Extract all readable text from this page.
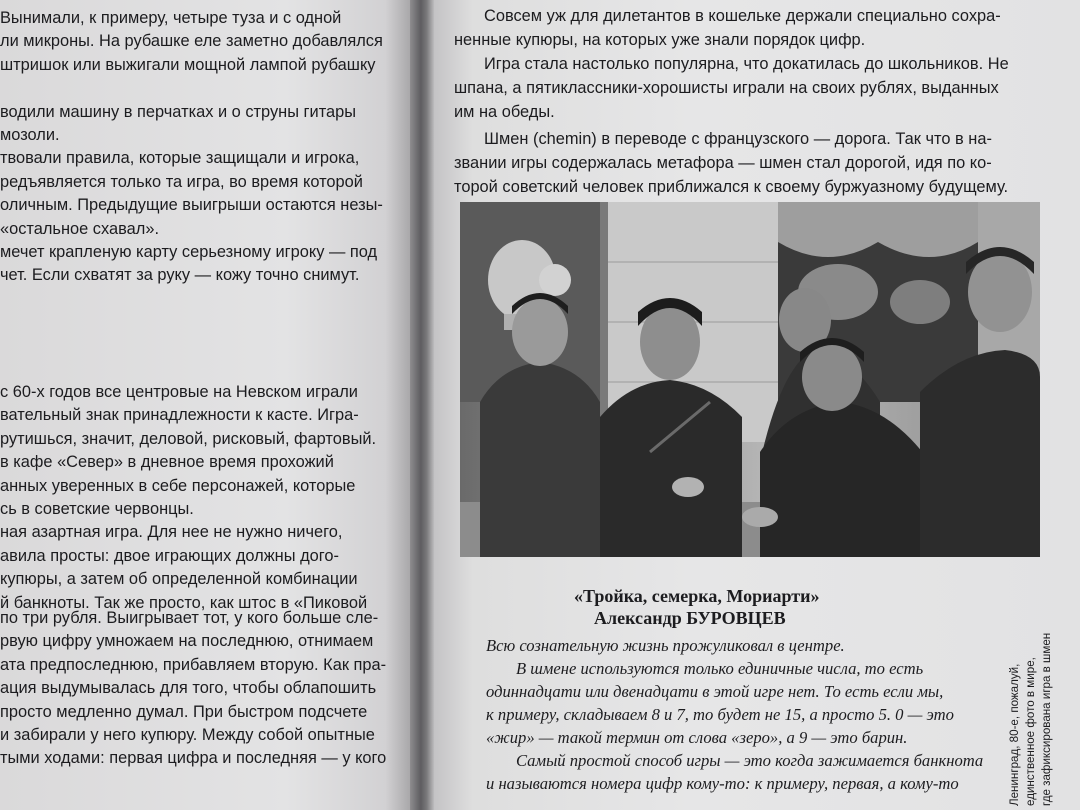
Вынимали, к примеру, четыре туза и с одной

ли микроны. На рубашке еле заметно добавлялся

штришок или выжигали мощной лампой рубашку

водили машину в перчатках и о струны гитары

мозоли.

твовали правила, которые защищали и игрока,

редъявляется только та игра, во время которой

оличным. Предыдущие выигрыши остаются незы-

«остальное схавал».

мечет крапленую карту серьезному игроку — под

чет. Если схватят за руку — кожу точно снимут.

с 60-х годов все центровые на Невском играли

вательный знак принадлежности к касте. Игра-

рутишься, значит, деловой, рисковый, фартовый.

в кафе «Север» в дневное время прохожий

анных уверенных в себе персонажей, которые

сь в советские червонцы.

ная азартная игра. Для нее не нужно ничего,

авила просты: двое играющих должны дого-

купюры, а затем об определенной комбинации

й банкноты. Так же просто, как штос в «Пиковой

по три рубля. Выигрывает тот, у кого больше сле-

рвую цифру умножаем на последнюю, отнимаем

ата предпоследнюю, прибавляем вторую. Как пра-

ация выдумывалась для того, чтобы облапошить

просто медленно думал. При быстром подсчете

и забирали у него купюру. Между собой опытные

тыми ходами: первая цифра и последняя — у кого

Совсем уж для дилетантов в кошельке держали специально сохра-

ненные купюры, на которых уже знали порядок цифр.

Игра стала настолько популярна, что докатилась до школьников. Не

шпана, а пятиклассники-хорошисты играли на своих рублях, выданных

им на обеды.

Шмен (chemin) в переводе с французского — дорога. Так что в на-

звании игры содержалась метафора — шмен стал дорогой, идя по ко-

торой советский человек приближался к своему буржуазному будущему.

«Тройка, семерка, Мориарти»
Александр БУРОВЦЕВ

Всю сознательную жизнь прожуликовал в центре.

В шмене используются только единичные числа, то есть

одиннадцати или двенадцати в этой игре нет. То есть если мы,

к примеру, складываем 8 и 7, то будет не 15, а просто 5. 0 — это

«жир» — такой термин от слова «зеро», а 9 — это барин.

Самый простой способ игры — это когда зажимается банкнота

и называются номера цифр кому-то: к примеру, первая, а кому-то	Ленинград, 80-е, пожалуй, единственное фото в мире, где зафиксирована игра в шмен
